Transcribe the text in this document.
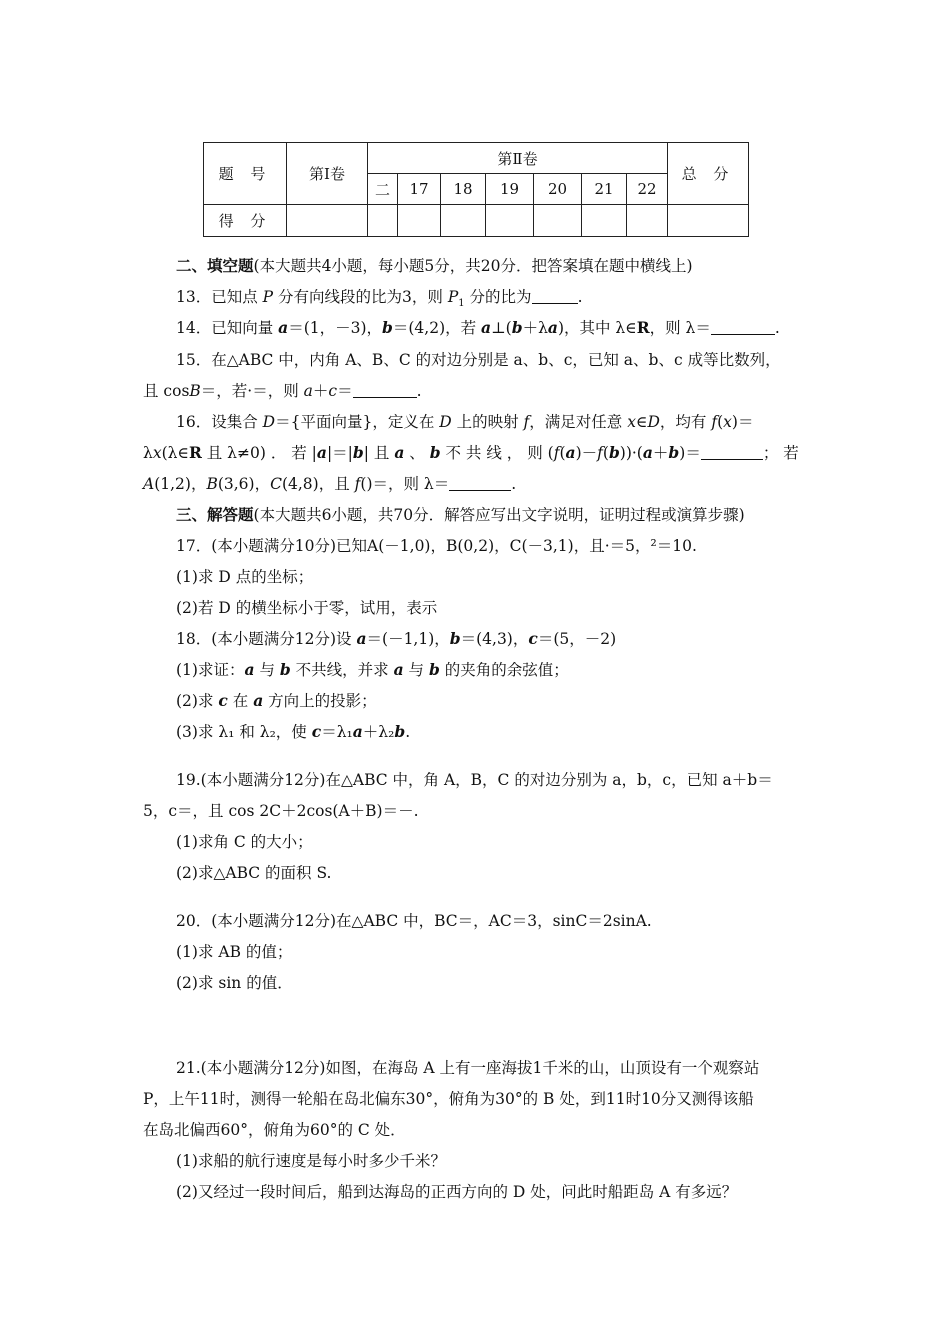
题 号	第Ⅰ卷	第Ⅱ卷							总 分
		二	17	18	19	20	21	22	
得 分									
二、填空题(本大题共4小题，每小题5分，共20分．把答案填在题中横线上)
13．已知点 P 分有向线段的比为3，则 $P_1$ 分的比为	.
14．已知向量 a＝(1，－3)，b＝(4,2)，若 a⊥(b＋λa)，其中 λ∈R，则 λ＝	.
15．在△ABC 中，内角 A、B、C 的对边分别是 a、b、c，已知 a、b、c 成等比数列，
且 cosB＝，若·＝，则 a＋c＝	.
16．设集合 D＝{平面向量}，定义在 D 上的映射 f，满足对任意 x∈D，均有 f(x)＝
λx(λ∈R 且 λ≠0) ． 若 |a|＝|b| 且 a 、 b 不 共 线 ， 则 (f(a)－f(b))·(a＋b)＝	； 若
A(1,2)，B(3,6)，C(4,8)，且 f()＝，则 λ＝	.
三、解答题(本大题共6小题，共70分．解答应写出文字说明，证明过程或演算步骤)
17．(本小题满分10分)已知A(－1,0)，B(0,2)，C(－3,1)，且·＝5，²＝10.
(1)求 D 点的坐标；
(2)若 D 的横坐标小于零，试用，表示
18．(本小题满分12分)设 a＝(－1,1)，b＝(4,3)，c＝(5，－2)
(1)求证：a 与 b 不共线，并求 a 与 b 的夹角的余弦值；
(2)求 c 在 a 方向上的投影；
(3)求 λ₁ 和 λ₂，使 c＝λ₁a＋λ₂b.
19.(本小题满分12分)在△ABC 中，角 A，B，C 的对边分别为 a，b，c，已知 a＋b＝
5，c＝，且 cos 2C＋2cos(A＋B)＝－.
(1)求角 C 的大小；
(2)求△ABC 的面积 S.
20．(本小题满分12分)在△ABC 中，BC＝，AC＝3，sinC＝2sinA.
(1)求 AB 的值；
(2)求 sin 的值．
21.(本小题满分12分)如图，在海岛 A 上有一座海拔1千米的山，山顶设有一个观察站
P，上午11时，测得一轮船在岛北偏东30°，俯角为30°的 B 处，到11时10分又测得该船
在岛北偏西60°，俯角为60°的 C 处．
(1)求船的航行速度是每小时多少千米？
(2)又经过一段时间后，船到达海岛的正西方向的 D 处，问此时船距岛 A 有多远？
